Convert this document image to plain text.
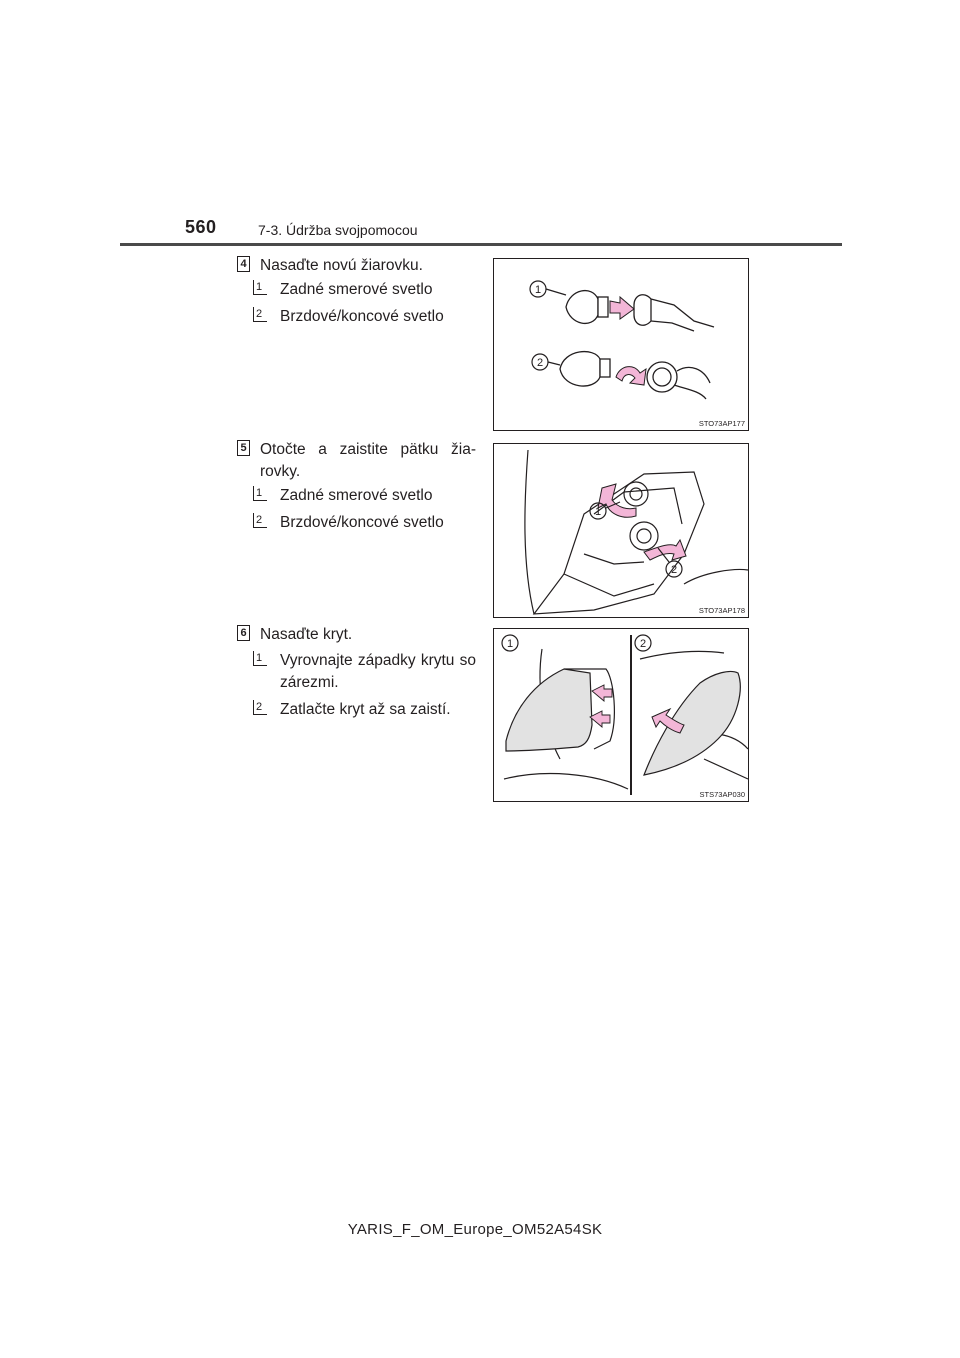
560	7-3. Údržba svojpomocou
4 Nasaďte novú žiarovku.
1	Zadné smerové svetlo
2	Brzdové/koncové svetlo
1
2
STO73AP177
5 Otočte a zaistite pätku žia-rovky.
1	Zadné smerové svetlo
2	Brzdové/koncové svetlo
1
2
STO73AP178
6 Nasaďte kryt.
1	Vyrovnajte západky krytu so zárezmi.
2	Zatlačte kryt až sa zaistí.
1	2
STS73AP030
YARIS_F_OM_Europe_OM52A54SK
